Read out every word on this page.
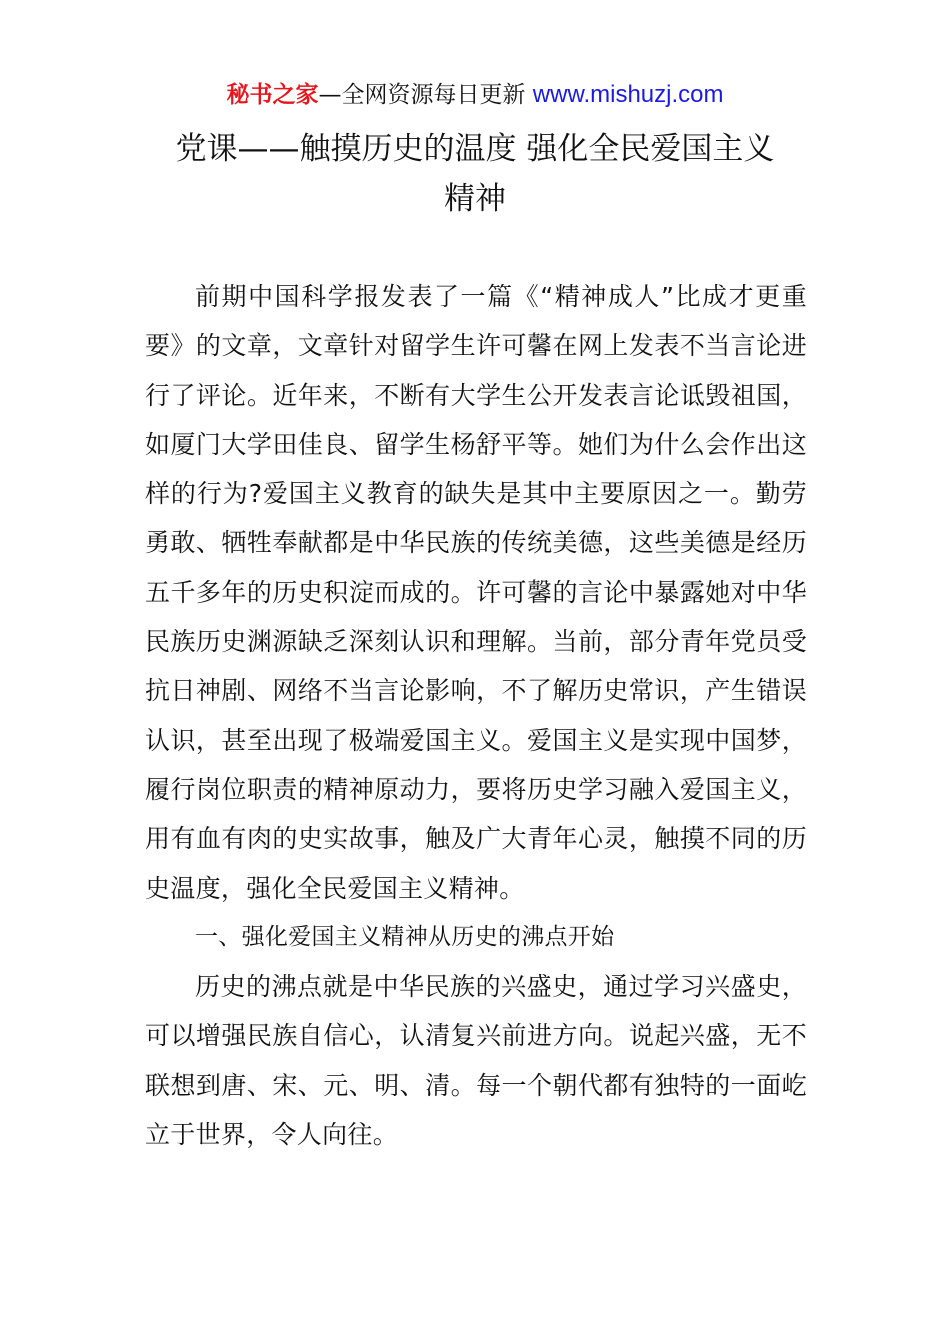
秘书之家—全网资源每日更新 www.mishuzj.com
党课——触摸历史的温度 强化全民爱国主义
精神

前期中国科学报发表了一篇《“精神成人”比成才更重要》的文章，文章针对留学生许可馨在网上发表不当言论进行了评论。近年来，不断有大学生公开发表言论诋毁祖国，如厦门大学田佳良、留学生杨舒平等。她们为什么会作出这样的行为?爱国主义教育的缺失是其中主要原因之一。勤劳勇敢、牺牲奉献都是中华民族的传统美德，这些美德是经历五千多年的历史积淀而成的。许可馨的言论中暴露她对中华民族历史渊源缺乏深刻认识和理解。当前，部分青年党员受抗日神剧、网络不当言论影响，不了解历史常识，产生错误认识，甚至出现了极端爱国主义。爱国主义是实现中国梦，履行岗位职责的精神原动力，要将历史学习融入爱国主义，用有血有肉的史实故事，触及广大青年心灵，触摸不同的历史温度，强化全民爱国主义精神。

一、强化爱国主义精神从历史的沸点开始

历史的沸点就是中华民族的兴盛史，通过学习兴盛史，可以增强民族自信心，认清复兴前进方向。说起兴盛，无不联想到唐、宋、元、明、清。每一个朝代都有独特的一面屹立于世界，令人向往。
